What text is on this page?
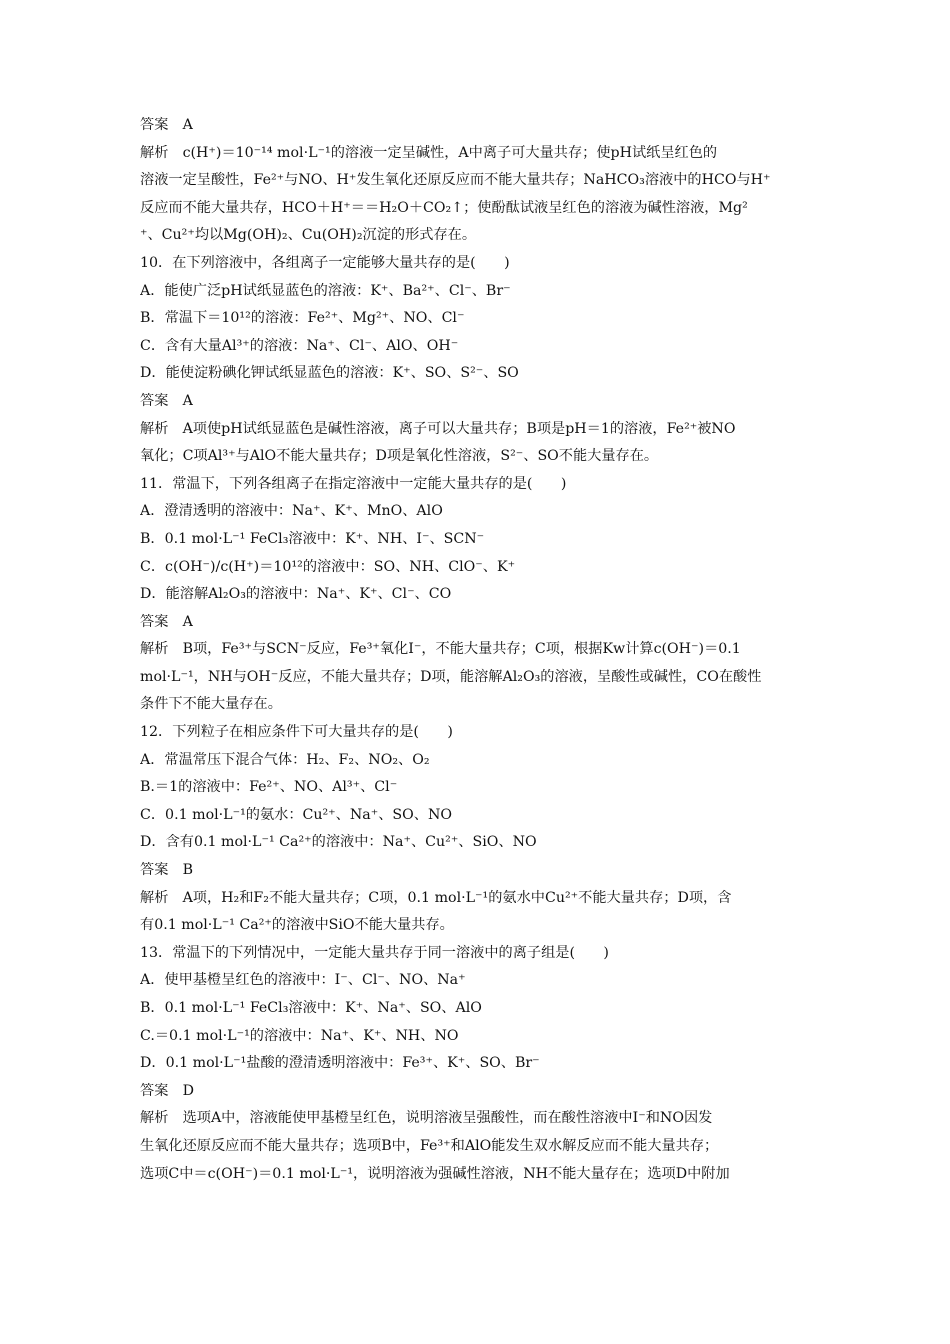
答案　A
解析　c(H⁺)＝10⁻¹⁴ mol·L⁻¹的溶液一定呈碱性，A中离子可大量共存；使pH试纸呈红色的
溶液一定呈酸性，Fe²⁺与NO、H⁺发生氧化还原反应而不能大量共存；NaHCO₃溶液中的HCO与H⁺
反应而不能大量共存，HCO＋H⁺＝＝H₂O＋CO₂↑；使酚酞试液呈红色的溶液为碱性溶液，Mg²
⁺、Cu²⁺均以Mg(OH)₂、Cu(OH)₂沉淀的形式存在。
10．在下列溶液中，各组离子一定能够大量共存的是(　　)
A．能使广泛pH试纸显蓝色的溶液：K⁺、Ba²⁺、Cl⁻、Br⁻
B．常温下＝10¹²的溶液：Fe²⁺、Mg²⁺、NO、Cl⁻
C．含有大量Al³⁺的溶液：Na⁺、Cl⁻、AlO、OH⁻
D．能使淀粉碘化钾试纸显蓝色的溶液：K⁺、SO、S²⁻、SO
答案　A
解析　A项使pH试纸显蓝色是碱性溶液，离子可以大量共存；B项是pH＝1的溶液，Fe²⁺被NO
氧化；C项Al³⁺与AlO不能大量共存；D项是氧化性溶液，S²⁻、SO不能大量存在。
11．常温下，下列各组离子在指定溶液中一定能大量共存的是(　　)
A．澄清透明的溶液中：Na⁺、K⁺、MnO、AlO
B．0.1 mol·L⁻¹ FeCl₃溶液中：K⁺、NH、I⁻、SCN⁻
C．c(OH⁻)/c(H⁺)＝10¹²的溶液中：SO、NH、ClO⁻、K⁺
D．能溶解Al₂O₃的溶液中：Na⁺、K⁺、Cl⁻、CO
答案　A
解析　B项，Fe³⁺与SCN⁻反应，Fe³⁺氧化I⁻，不能大量共存；C项，根据Kw计算c(OH⁻)＝0.1
mol·L⁻¹，NH与OH⁻反应，不能大量共存；D项，能溶解Al₂O₃的溶液，呈酸性或碱性，CO在酸性
条件下不能大量存在。
12．下列粒子在相应条件下可大量共存的是(　　)
A．常温常压下混合气体：H₂、F₂、NO₂、O₂
B.＝1的溶液中：Fe²⁺、NO、Al³⁺、Cl⁻
C．0.1 mol·L⁻¹的氨水：Cu²⁺、Na⁺、SO、NO
D．含有0.1 mol·L⁻¹ Ca²⁺的溶液中：Na⁺、Cu²⁺、SiO、NO
答案　B
解析　A项，H₂和F₂不能大量共存；C项，0.1 mol·L⁻¹的氨水中Cu²⁺不能大量共存；D项，含
有0.1 mol·L⁻¹ Ca²⁺的溶液中SiO不能大量共存。
13．常温下的下列情况中，一定能大量共存于同一溶液中的离子组是(　　)
A．使甲基橙呈红色的溶液中：I⁻、Cl⁻、NO、Na⁺
B．0.1 mol·L⁻¹ FeCl₃溶液中：K⁺、Na⁺、SO、AlO
C.＝0.1 mol·L⁻¹的溶液中：Na⁺、K⁺、NH、NO
D．0.1 mol·L⁻¹盐酸的澄清透明溶液中：Fe³⁺、K⁺、SO、Br⁻
答案　D
解析　选项A中，溶液能使甲基橙呈红色，说明溶液呈强酸性，而在酸性溶液中I⁻和NO因发
生氧化还原反应而不能大量共存；选项B中，Fe³⁺和AlO能发生双水解反应而不能大量共存；
选项C中＝c(OH⁻)＝0.1 mol·L⁻¹，说明溶液为强碱性溶液，NH不能大量存在；选项D中附加
